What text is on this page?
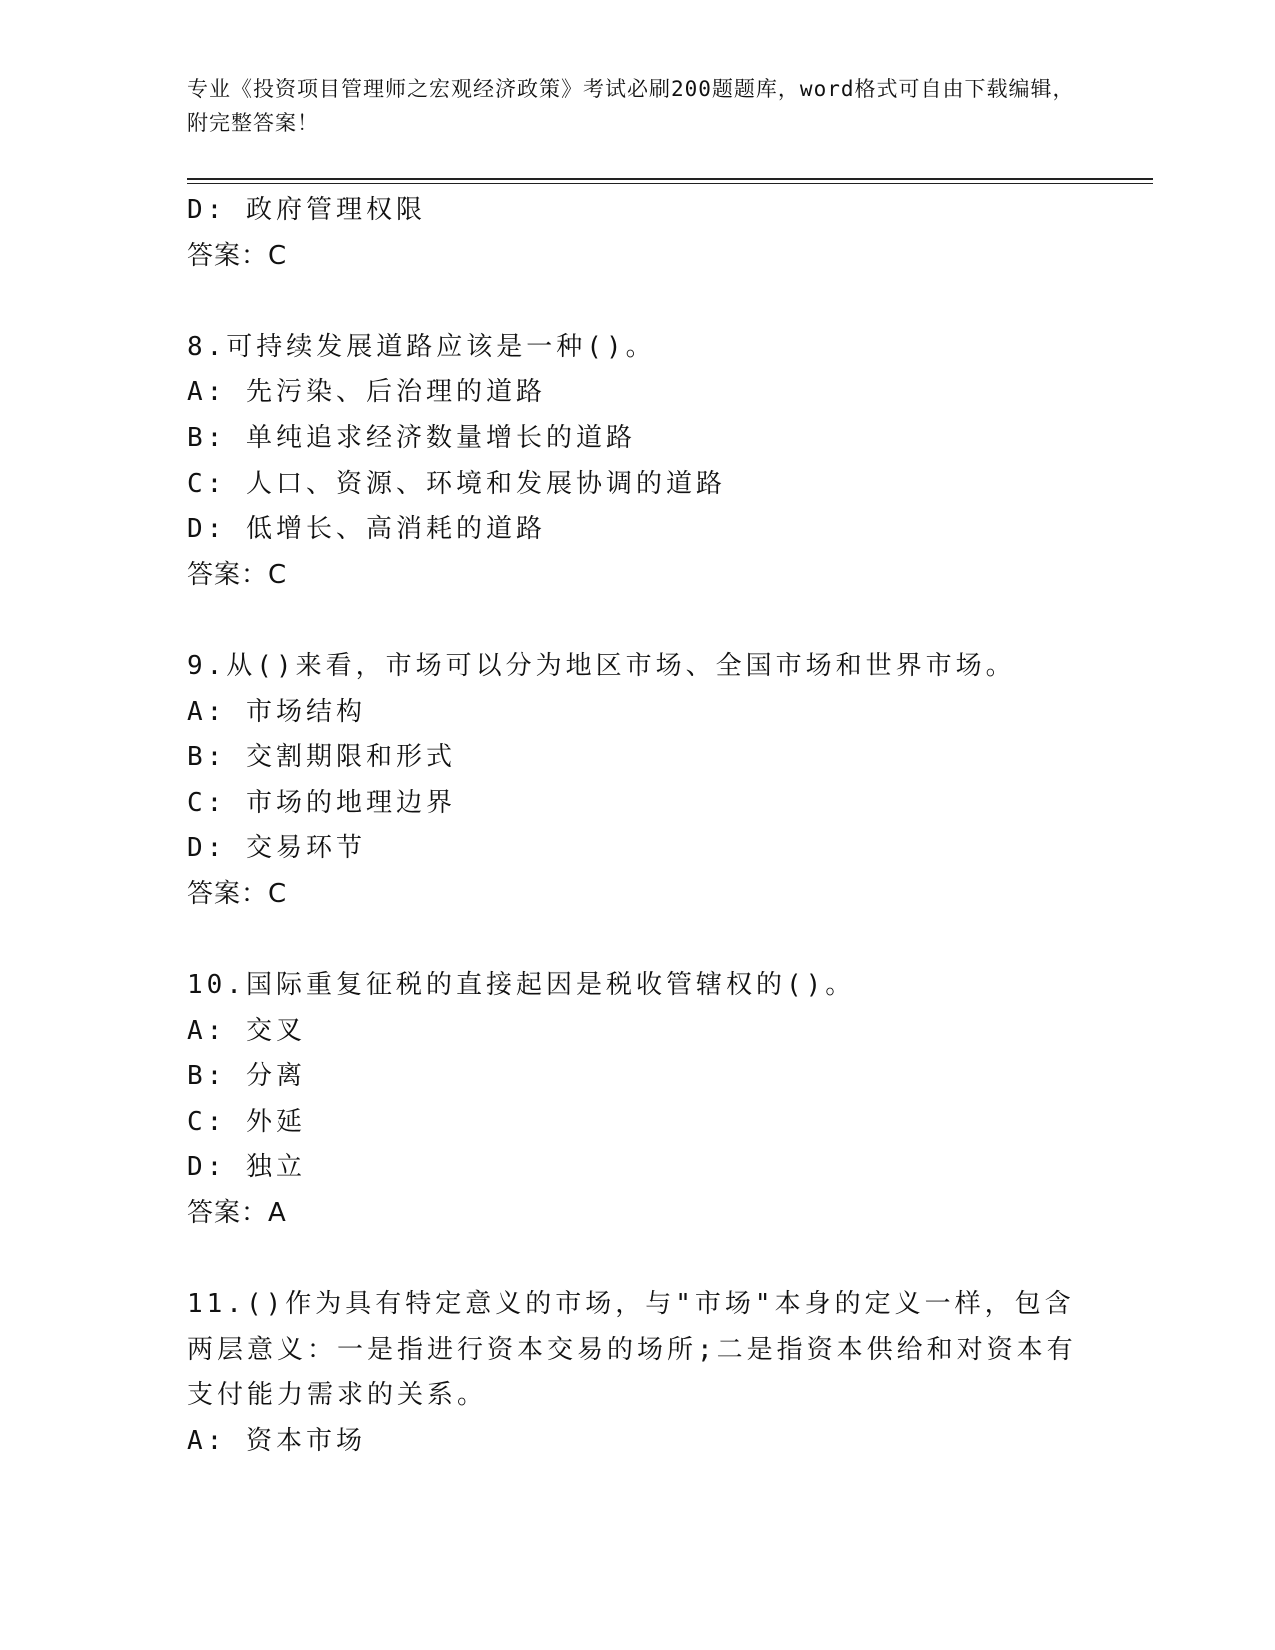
专业《投资项目管理师之宏观经济政策》考试必刷200题题库，word格式可自由下载编辑，附完整答案！
D: 政府管理权限
答案：C
8.可持续发展道路应该是一种()。
A: 先污染、后治理的道路
B: 单纯追求经济数量增长的道路
C: 人口、资源、环境和发展协调的道路
D: 低增长、高消耗的道路
答案：C
9.从()来看，市场可以分为地区市场、全国市场和世界市场。
A: 市场结构
B: 交割期限和形式
C: 市场的地理边界
D: 交易环节
答案：C
10.国际重复征税的直接起因是税收管辖权的()。
A: 交叉
B: 分离
C: 外延
D: 独立
答案：A
11.()作为具有特定意义的市场，与"市场"本身的定义一样，包含两层意义：一是指进行资本交易的场所;二是指资本供给和对资本有支付能力需求的关系。
A: 资本市场
